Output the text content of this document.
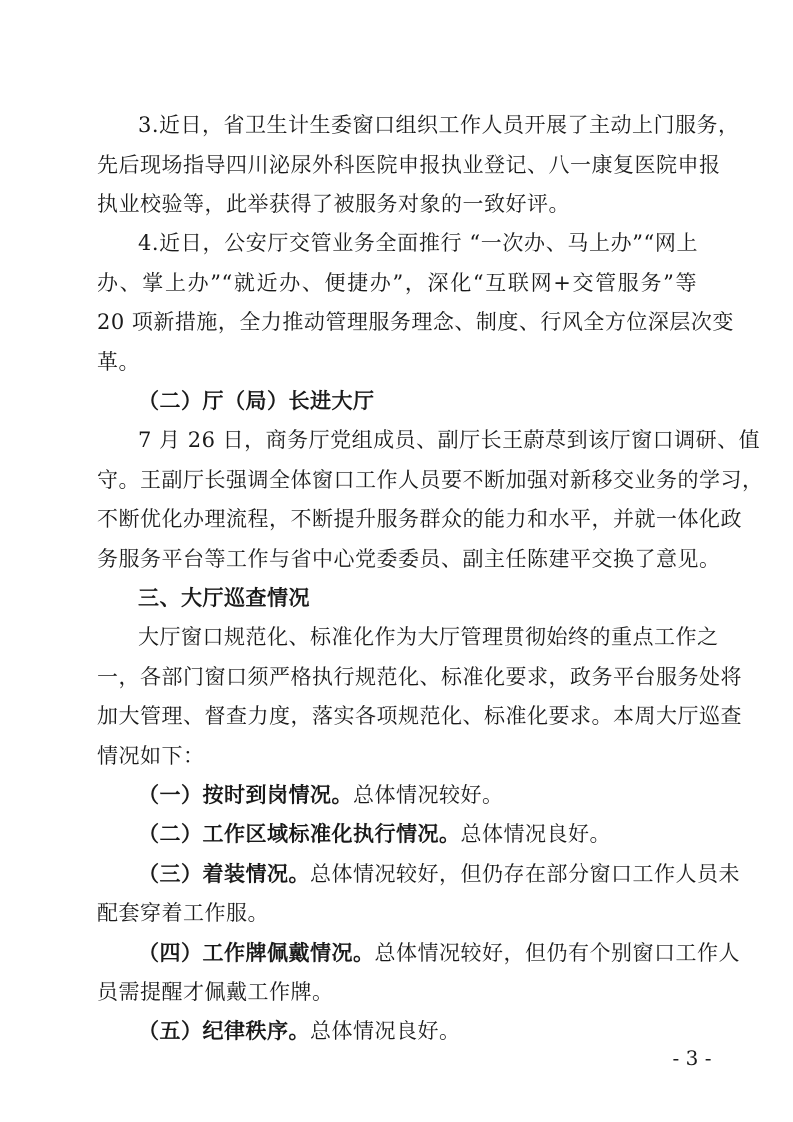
3.近日，省卫生计生委窗口组织工作人员开展了主动上门服务，
先后现场指导四川泌尿外科医院申报执业登记、八一康复医院申报
执业校验等，此举获得了被服务对象的一致好评。
4.近日，公安厅交管业务全面推行 “一次办、马上办”“网上
办、掌上办”“就近办、便捷办”，深化“互联网+交管服务”等
20 项新措施，全力推动管理服务理念、制度、行风全方位深层次变
革。
（二）厅（局）长进大厅
7 月 26 日，商务厅党组成员、副厅长王蔚荩到该厅窗口调研、值
守。王副厅长强调全体窗口工作人员要不断加强对新移交业务的学习，
不断优化办理流程，不断提升服务群众的能力和水平，并就一体化政
务服务平台等工作与省中心党委委员、副主任陈建平交换了意见。
三、大厅巡查情况
大厅窗口规范化、标准化作为大厅管理贯彻始终的重点工作之
一，各部门窗口须严格执行规范化、标准化要求，政务平台服务处将
加大管理、督查力度，落实各项规范化、标准化要求。本周大厅巡查
情况如下：
（一）按时到岗情况。总体情况较好。
（二）工作区域标准化执行情况。总体情况良好。
（三）着装情况。总体情况较好，但仍存在部分窗口工作人员未
配套穿着工作服。
（四）工作牌佩戴情况。总体情况较好，但仍有个别窗口工作人
员需提醒才佩戴工作牌。
（五）纪律秩序。总体情况良好。
- 3 -
